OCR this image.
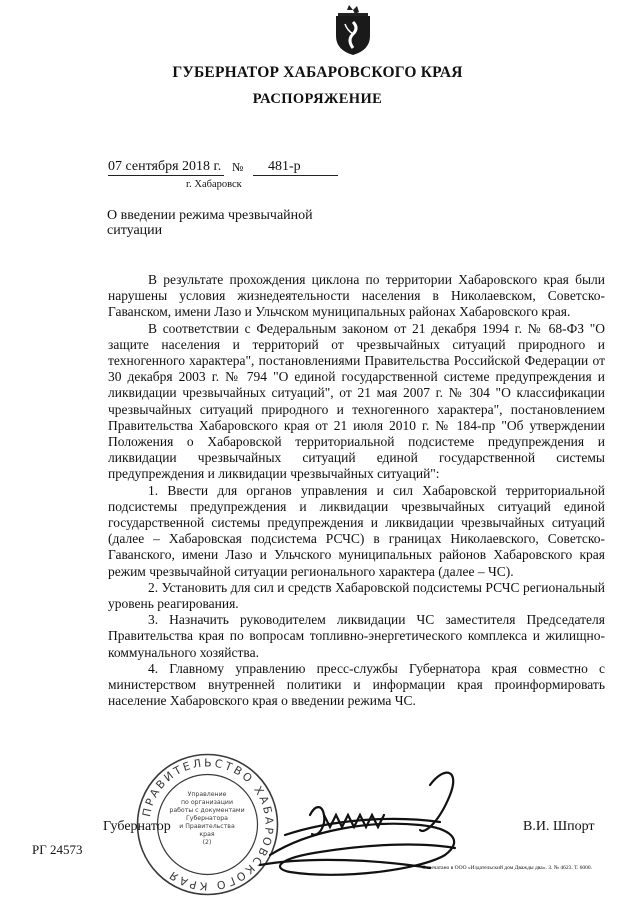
ГУБЕРНАТОР ХАБАРОВСКОГО КРАЯ
РАСПОРЯЖЕНИЕ
07 сентября 2018 г. № 481-р
г. Хабаровск
О введении режима чрезвычайной
ситуации

В результате прохождения циклона по территории Хабаровского края были нарушены условия жизнедеятельности населения в Николаевском, Советско-Гаванском, имени Лазо и Ульчском муниципальных районах Хабаровского края.

В соответствии с Федеральным законом от 21 декабря 1994 г. № 68-ФЗ "О защите населения и территорий от чрезвычайных ситуаций природного и техногенного характера", постановлениями Правительства Российской Федерации от 30 декабря 2003 г. № 794 "О единой государственной системе предупреждения и ликвидации чрезвычайных ситуаций", от 21 мая 2007 г. № 304 "О классификации чрезвычайных ситуаций природного и техногенного характера", постановлением Правительства Хабаровского края от 21 июля 2010 г. № 184-пр "Об утверждении Положения о Хабаровской территориальной подсистеме предупреждения и ликвидации чрезвычайных ситуаций единой государственной системы предупреждения и ликвидации чрезвычайных ситуаций":

1. Ввести для органов управления и сил Хабаровской территориальной подсистемы предупреждения и ликвидации чрезвычайных ситуаций единой государственной системы предупреждения и ликвидации чрезвычайных ситуаций (далее – Хабаровская подсистема РСЧС) в границах Николаевского, Советско-Гаванского, имени Лазо и Ульчского муниципальных районов Хабаровского края режим чрезвычайной ситуации регионального характера (далее – ЧС).

2. Установить для сил и средств Хабаровской подсистемы РСЧС региональный уровень реагирования.

3. Назначить руководителем ликвидации ЧС заместителя Председателя Правительства края по вопросам топливно-энергетического комплекса и жилищно-коммунального хозяйства.

4. Главному управлению пресс-службы Губернатора края совместно с министерством внутренней политики и информации края проинформировать население Хабаровского края о введении режима ЧС.

ПРАВИТЕЛЬСТВО ХАБАРОВСКОГО КРАЯ
Управление
по организации
работы с документами
Губернатора
и Правительства
края
(2)
Губернатор	В.И. Шпорт
РГ 24573
Отпечатано в ООО «Издательский дом Дважды два». З. № 4623. Т. 6000.
